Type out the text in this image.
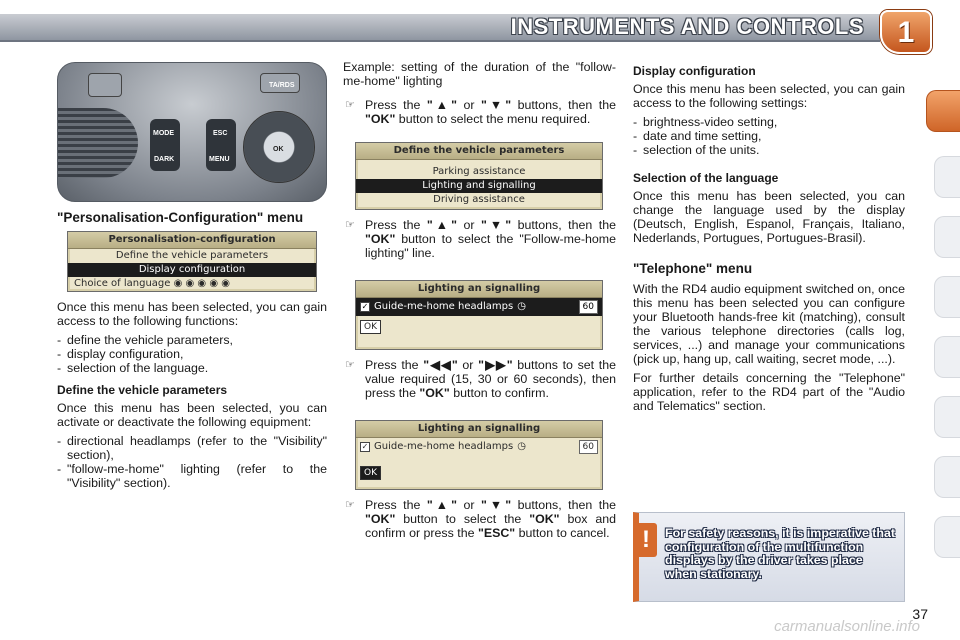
INSTRUMENTS AND CONTROLS	1
TA/RDS
MODE
DARK
ESC
MENU
OK
"Personalisation-Configuration" menu
Personalisation-configuration
Define the vehicle parameters
Display configuration
Choice of language ◉ ◉ ◉ ◉ ◉

Once this menu has been selected, you can gain access to the following functions:

- define the vehicle parameters,
- display configuration,
- selection of the language.
Define the vehicle parameters

Once this menu has been selected, you can activate or deactivate the following equipment:

- directional headlamps (refer to the "Visibility" section),
- "follow-me-home" lighting (refer to the "Visibility" section).

Example: setting of the duration of the "follow-me-home" lighting

☞ Press the "▲" or "▼" buttons, then the "OK" button to select the menu required.
Define the vehicle parameters
Parking assistance
Lighting and signalling
Driving assistance
☞ Press the "▲" or "▼" buttons, then the "OK" button to select the "Follow-me-home lighting" line.
Lighting an signalling
✓ Guide-me-home headlamps ◷	60
OK
☞ Press the "◀◀" or "▶▶" buttons to set the value required (15, 30 or 60 seconds), then press the "OK" button to confirm.
Lighting an signalling
✓ Guide-me-home headlamps ◷	60
OK
☞ Press the "▲" or "▼" buttons, then the "OK" button to select the "OK" box and confirm or press the "ESC" button to cancel.
Display configuration

Once this menu has been selected, you can gain access to the following settings:

- brightness-video setting,
- date and time setting,
- selection of the units.
Selection of the language

Once this menu has been selected, you can change the language used by the display (Deutsch, English, Espanol, Français, Italiano, Nederlands, Portugues, Portugues-Brasil).

"Telephone" menu

With the RD4 audio equipment switched on, once this menu has been selected you can configure your Bluetooth hands-free kit (matching), consult the various telephone directories (calls log, services, ...) and manage your communications (pick up, hang up, call waiting, secret mode, ...).

For further details concerning the "Telephone" application, refer to the RD4 part of the "Audio and Telematics" section.

!	For safety reasons, it is imperative that configuration of the multifunction displays by the driver takes place when stationary.
37
carmanualsonline.info
